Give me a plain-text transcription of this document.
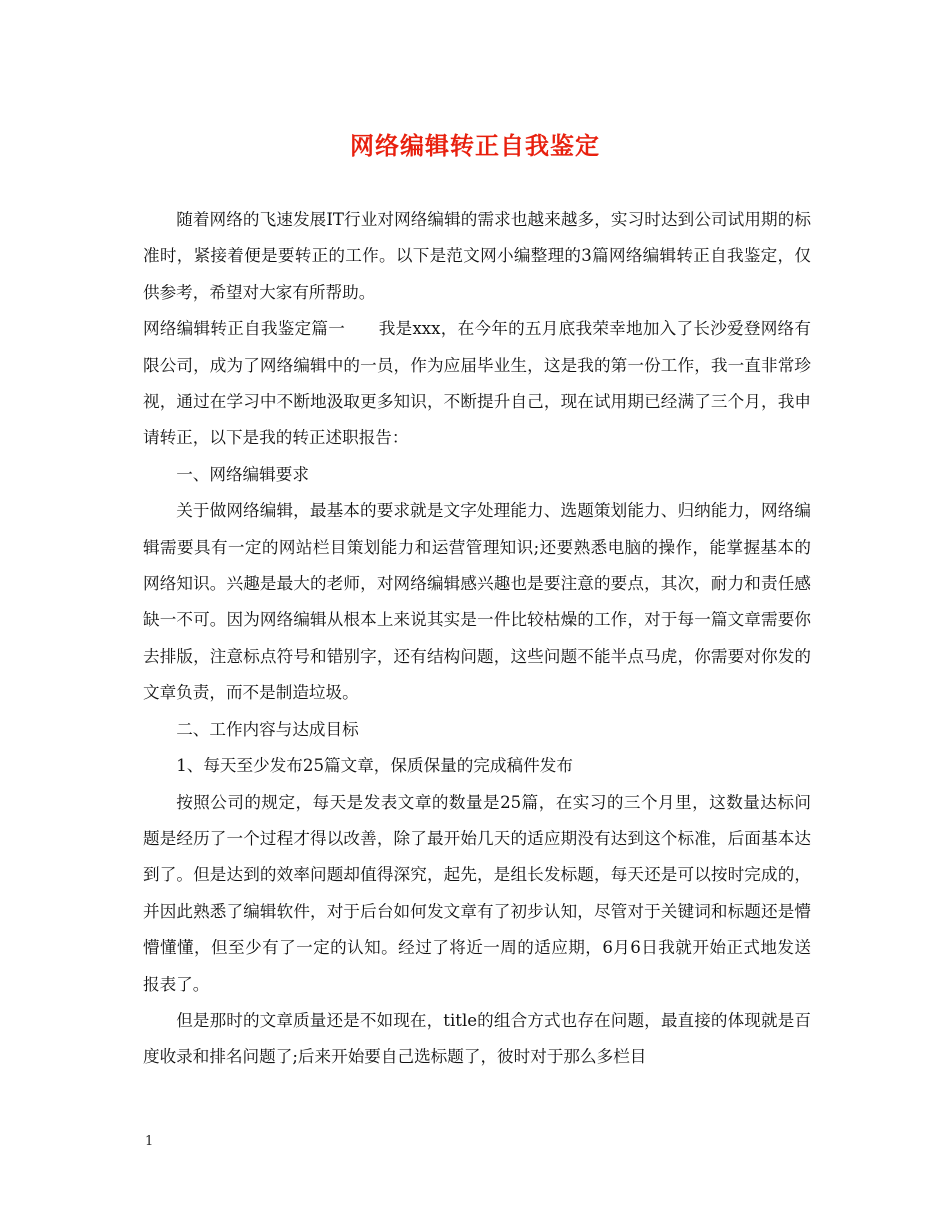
网络编辑转正自我鉴定

随着网络的飞速发展IT行业对网络编辑的需求也越来越多，实习时达到公司试用期的标准时，紧接着便是要转正的工作。以下是范文网小编整理的3篇网络编辑转正自我鉴定，仅供参考，希望对大家有所帮助。

网络编辑转正自我鉴定篇一　　我是xxx，在今年的五月底我荣幸地加入了长沙爱登网络有限公司，成为了网络编辑中的一员，作为应届毕业生，这是我的第一份工作，我一直非常珍视，通过在学习中不断地汲取更多知识，不断提升自己，现在试用期已经满了三个月，我申请转正，以下是我的转正述职报告：

一、网络编辑要求

关于做网络编辑，最基本的要求就是文字处理能力、选题策划能力、归纳能力，网络编辑需要具有一定的网站栏目策划能力和运营管理知识;还要熟悉电脑的操作，能掌握基本的网络知识。兴趣是最大的老师，对网络编辑感兴趣也是要注意的要点，其次，耐力和责任感缺一不可。因为网络编辑从根本上来说其实是一件比较枯燥的工作，对于每一篇文章需要你去排版，注意标点符号和错别字，还有结构问题，这些问题不能半点马虎，你需要对你发的文章负责，而不是制造垃圾。

二、工作内容与达成目标

1、每天至少发布25篇文章，保质保量的完成稿件发布

按照公司的规定，每天是发表文章的数量是25篇，在实习的三个月里，这数量达标问题是经历了一个过程才得以改善，除了最开始几天的适应期没有达到这个标准，后面基本达到了。但是达到的效率问题却值得深究，起先，是组长发标题，每天还是可以按时完成的，并因此熟悉了编辑软件，对于后台如何发文章有了初步认知，尽管对于关键词和标题还是懵懵懂懂，但至少有了一定的认知。经过了将近一周的适应期，6月6日我就开始正式地发送报表了。

但是那时的文章质量还是不如现在，title的组合方式也存在问题，最直接的体现就是百度收录和排名问题了;后来开始要自己选标题了，彼时对于那么多栏目

1
